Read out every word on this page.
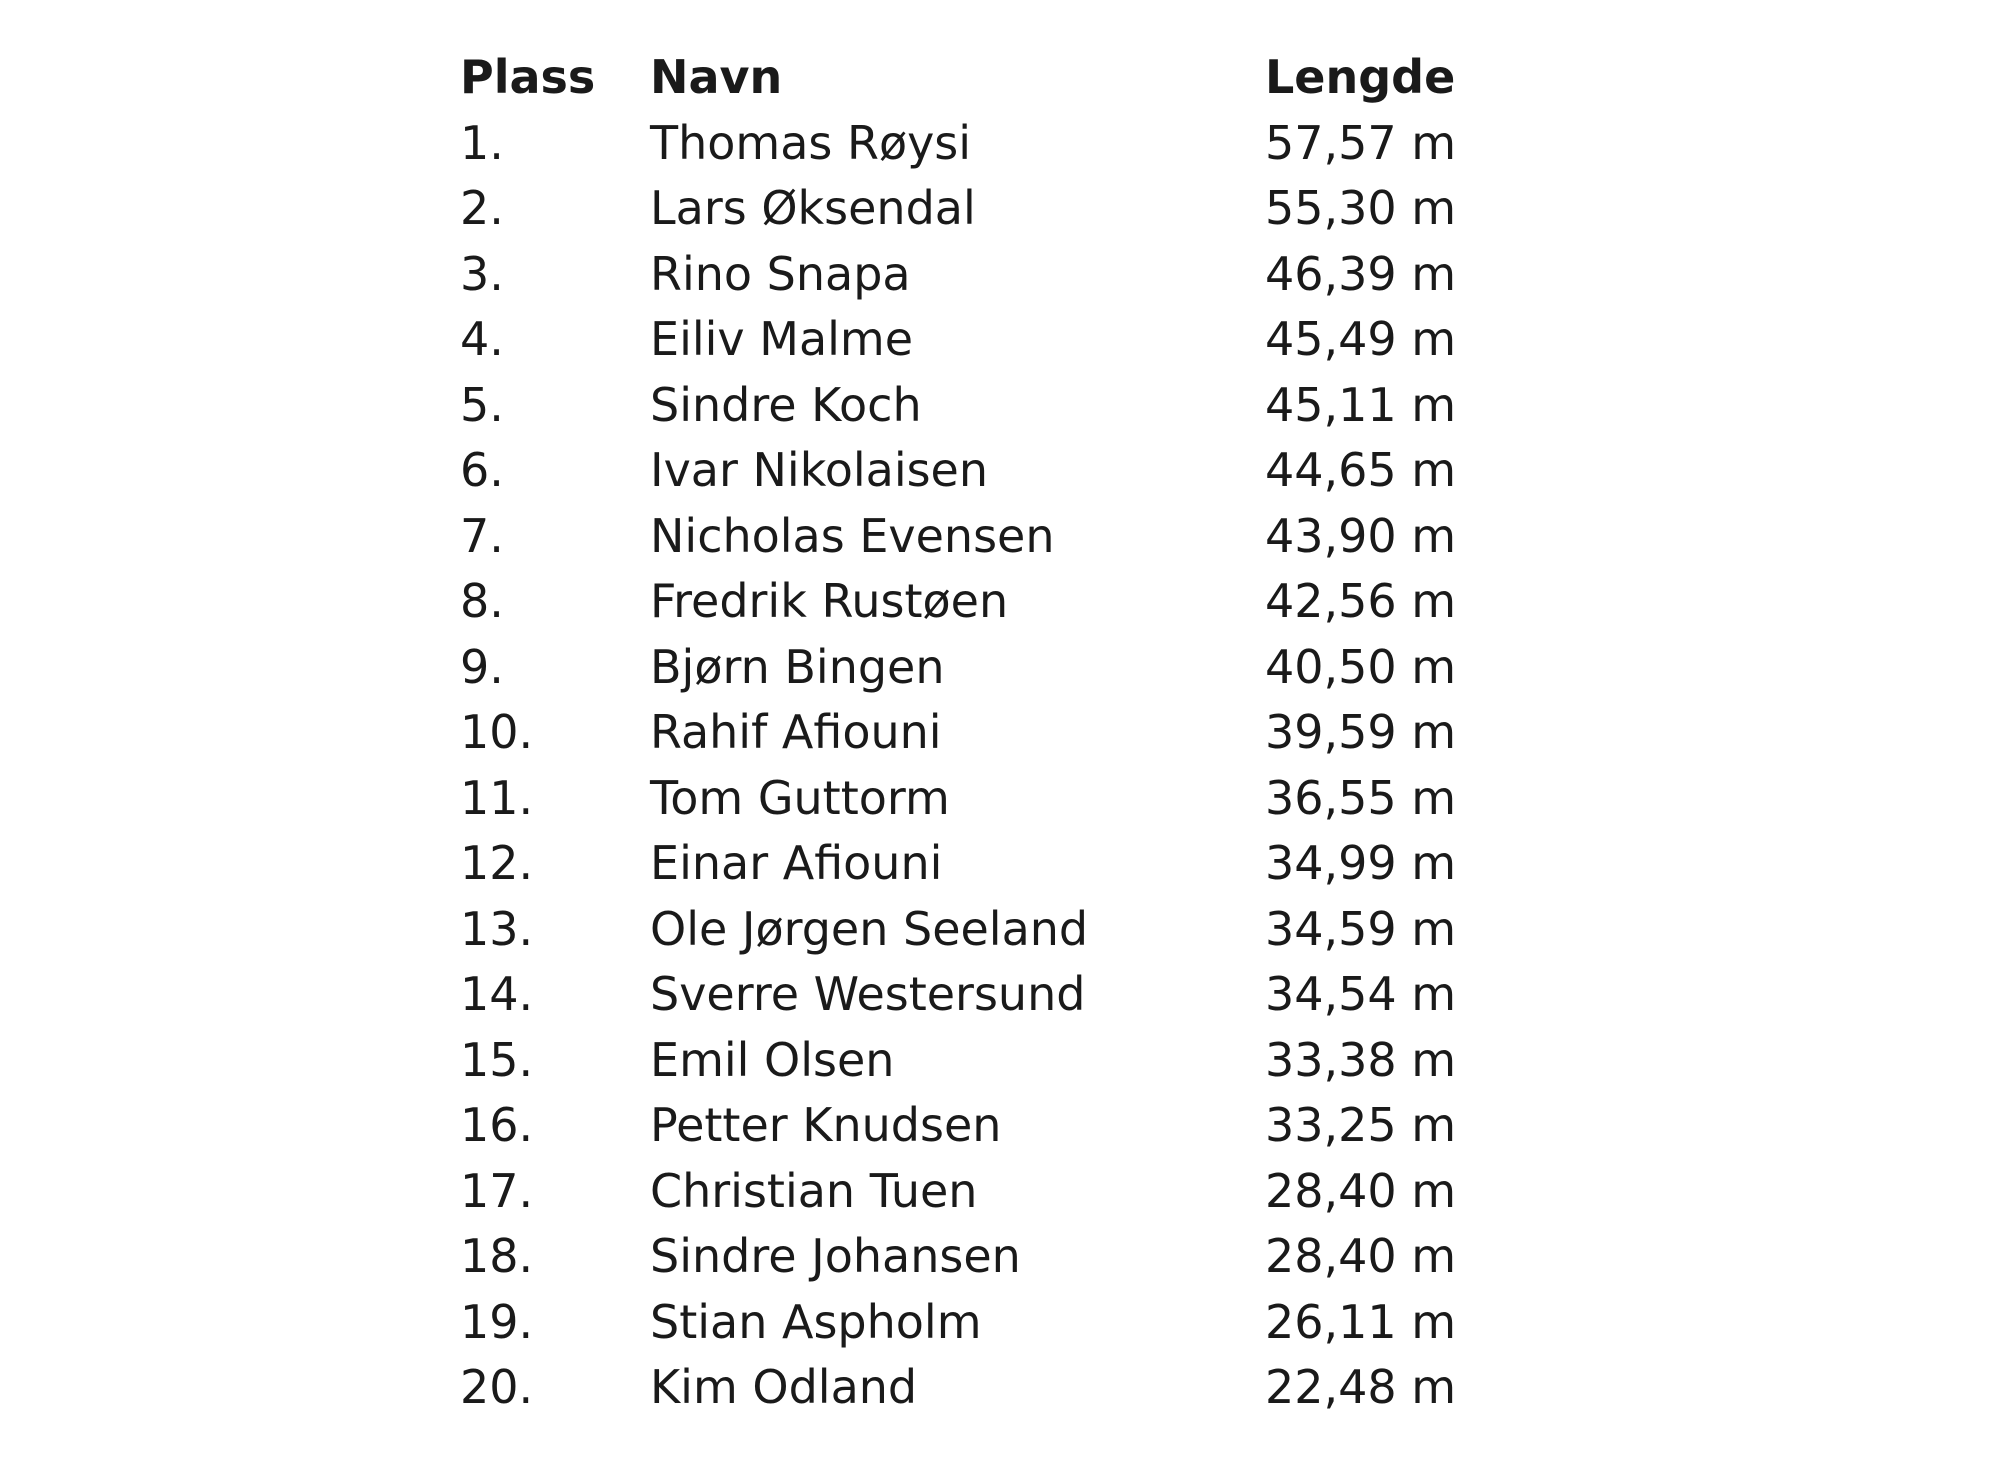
Plass	Navn	Lengde
1.	Thomas Røysi	57,57 m
2.	Lars Øksendal	55,30 m
3.	Rino Snapa	46,39 m
4.	Eiliv Malme	45,49 m
5.	Sindre Koch	45,11 m
6.	Ivar Nikolaisen	44,65 m
7.	Nicholas Evensen	43,90 m
8.	Fredrik Rustøen	42,56 m
9.	Bjørn Bingen	40,50 m
10.	Rahif Afiouni	39,59 m
11.	Tom Guttorm	36,55 m
12.	Einar Afiouni	34,99 m
13.	Ole Jørgen Seeland	34,59 m
14.	Sverre Westersund	34,54 m
15.	Emil Olsen	33,38 m
16.	Petter Knudsen	33,25 m
17.	Christian Tuen	28,40 m
18.	Sindre Johansen	28,40 m
19.	Stian Aspholm	26,11 m
20.	Kim Odland	22,48 m
